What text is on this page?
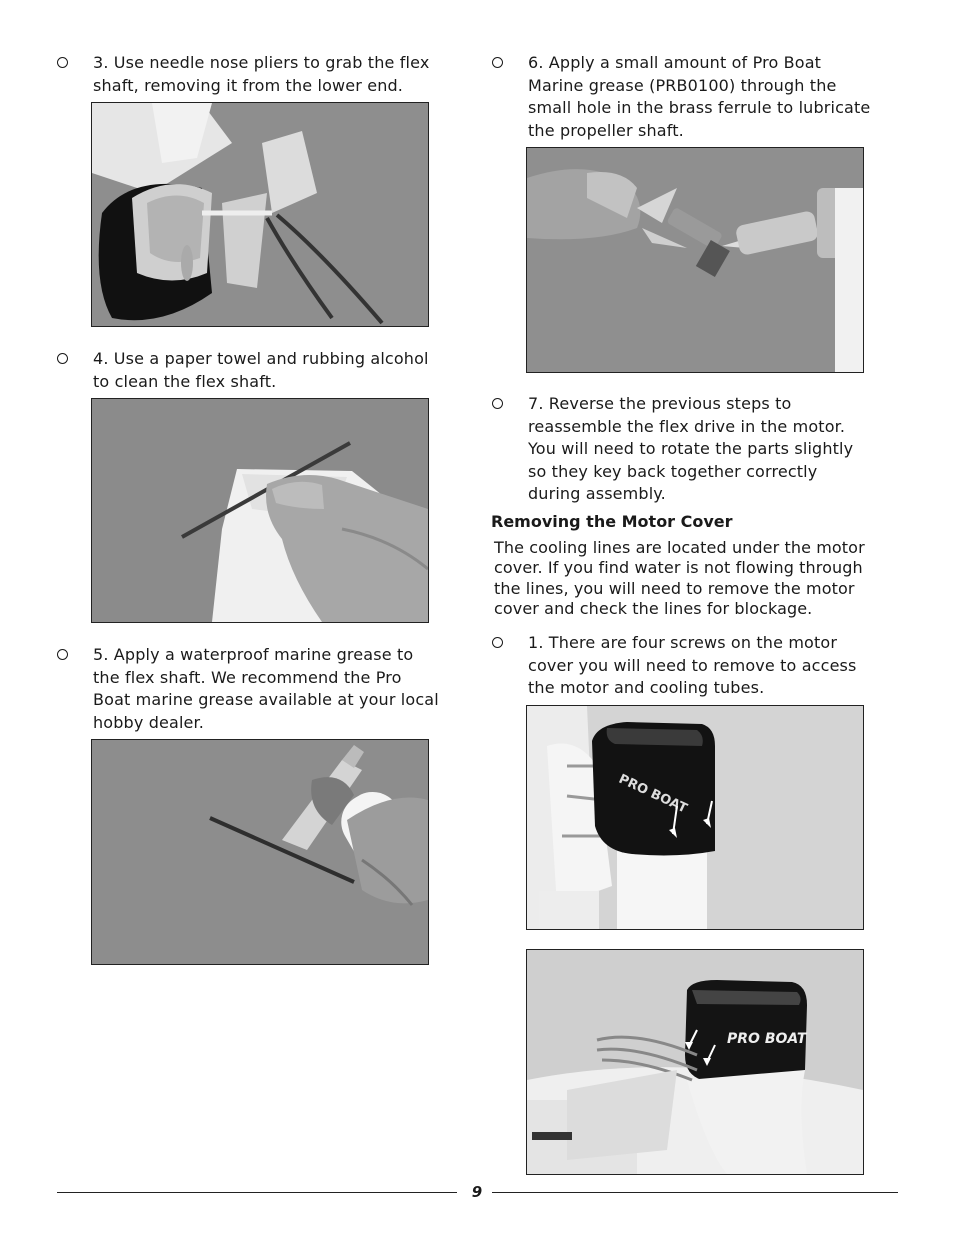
3. Use needle nose pliers to grab the flex
shaft, removing it from the lower end.
4. Use a paper towel and rubbing alcohol
to clean the flex shaft.
5. Apply a waterproof marine grease to
the flex shaft. We recommend the Pro
Boat marine grease available at your local
hobby dealer.
6. Apply a small amount of Pro Boat
Marine grease (PRB0100) through the
small hole in the brass ferrule to lubricate
the propeller shaft.
7. Reverse the previous steps to
reassemble the flex drive in the motor.
You will need to rotate the parts slightly
so they key back together correctly
during assembly.
Removing the Motor Cover
The cooling lines are located under the motor
cover. If you find water is not flowing through
the lines, you will need to remove the motor
cover and check the lines for blockage.
1. There are four screws on the motor
cover you will need to remove to access
the motor and cooling tubes.
PRO BOAT
PRO BOAT
9
